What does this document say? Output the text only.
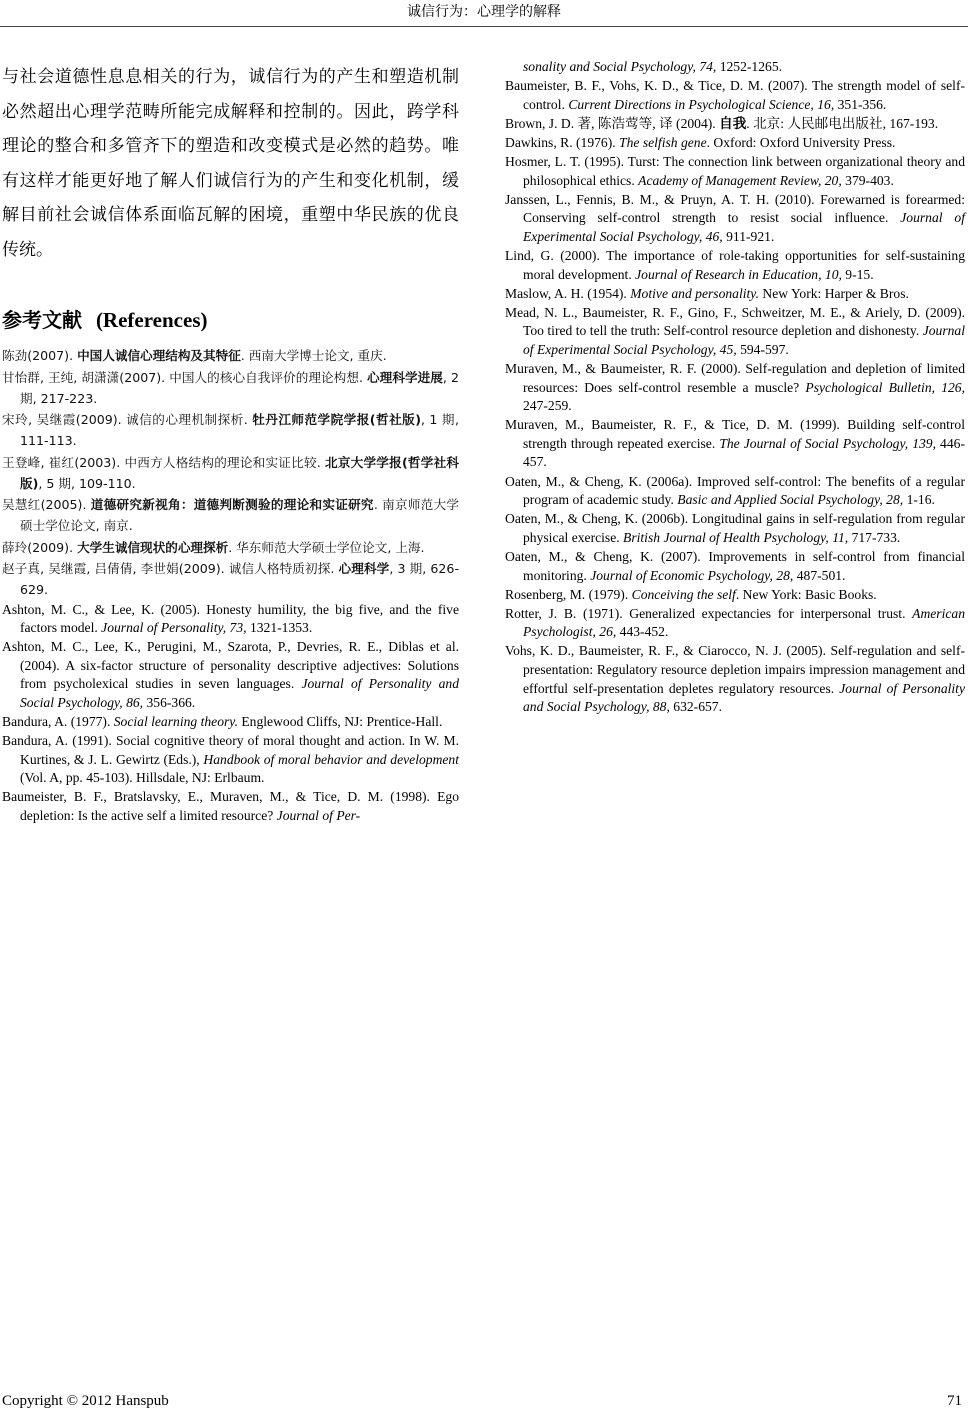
诚信行为：心理学的解释

与社会道德性息息相关的行为，诚信行为的产生和塑造机制必然超出心理学范畴所能完成解释和控制的。因此，跨学科理论的整合和多管齐下的塑造和改变模式是必然的趋势。唯有这样才能更好地了解人们诚信行为的产生和变化机制，缓解目前社会诚信体系面临瓦解的困境，重塑中华民族的优良传统。

参考文献 (References)

陈劲(2007). 中国人诚信心理结构及其特征. 西南大学博士论文, 重庆.

甘怡群, 王纯, 胡潇潇(2007). 中国人的核心自我评价的理论构想. 心理科学进展, 2 期, 217-223.

宋玲, 吴继霞(2009). 诚信的心理机制探析. 牡丹江师范学院学报(哲社版), 1 期, 111-113.

王登峰, 崔红(2003). 中西方人格结构的理论和实证比较. 北京大学学报(哲学社科版), 5 期, 109-110.

吴慧红(2005). 道德研究新视角：道德判断测验的理论和实证研究. 南京师范大学硕士学位论文, 南京.

薛玲(2009). 大学生诚信现状的心理探析. 华东师范大学硕士学位论文, 上海.

赵子真, 吴继霞, 吕倩倩, 李世娟(2009). 诚信人格特质初探. 心理科学, 3 期, 626-629.

Ashton, M. C., & Lee, K. (2005). Honesty humility, the big five, and the five factors model. Journal of Personality, 73, 1321-1353.

Ashton, M. C., Lee, K., Perugini, M., Szarota, P., Devries, R. E., Diblas et al. (2004). A six-factor structure of personality descriptive adjectives: Solutions from psycholexical studies in seven languages. Journal of Personality and Social Psychology, 86, 356-366.

Bandura, A. (1977). Social learning theory. Englewood Cliffs, NJ: Prentice-Hall.

Bandura, A. (1991). Social cognitive theory of moral thought and action. In W. M. Kurtines, & J. L. Gewirtz (Eds.), Handbook of moral behavior and development (Vol. A, pp. 45-103). Hillsdale, NJ: Erlbaum.

Baumeister, B. F., Bratslavsky, E., Muraven, M., & Tice, D. M. (1998). Ego depletion: Is the active self a limited resource? Journal of Per-

sonality and Social Psychology, 74, 1252-1265.

Baumeister, B. F., Vohs, K. D., & Tice, D. M. (2007). The strength model of self-control. Current Directions in Psychological Science, 16, 351-356.

Brown, J. D. 著, 陈浩莺等, 译 (2004). 自我. 北京: 人民邮电出版社, 167-193.

Dawkins, R. (1976). The selfish gene. Oxford: Oxford University Press.

Hosmer, L. T. (1995). Turst: The connection link between organizational theory and philosophical ethics. Academy of Management Review, 20, 379-403.

Janssen, L., Fennis, B. M., & Pruyn, A. T. H. (2010). Forewarned is forearmed: Conserving self-control strength to resist social influence. Journal of Experimental Social Psychology, 46, 911-921.

Lind, G. (2000). The importance of role-taking opportunities for self-sustaining moral development. Journal of Research in Education, 10, 9-15.

Maslow, A. H. (1954). Motive and personality. New York: Harper & Bros.

Mead, N. L., Baumeister, R. F., Gino, F., Schweitzer, M. E., & Ariely, D. (2009). Too tired to tell the truth: Self-control resource depletion and dishonesty. Journal of Experimental Social Psychology, 45, 594-597.

Muraven, M., & Baumeister, R. F. (2000). Self-regulation and depletion of limited resources: Does self-control resemble a muscle? Psychological Bulletin, 126, 247-259.

Muraven, M., Baumeister, R. F., & Tice, D. M. (1999). Building self-control strength through repeated exercise. The Journal of Social Psychology, 139, 446-457.

Oaten, M., & Cheng, K. (2006a). Improved self-control: The benefits of a regular program of academic study. Basic and Applied Social Psychology, 28, 1-16.

Oaten, M., & Cheng, K. (2006b). Longitudinal gains in self-regulation from regular physical exercise. British Journal of Health Psychology, 11, 717-733.

Oaten, M., & Cheng, K. (2007). Improvements in self-control from financial monitoring. Journal of Economic Psychology, 28, 487-501.

Rosenberg, M. (1979). Conceiving the self. New York: Basic Books.

Rotter, J. B. (1971). Generalized expectancies for interpersonal trust. American Psychologist, 26, 443-452.

Vohs, K. D., Baumeister, R. F., & Ciarocco, N. J. (2005). Self-regulation and self-presentation: Regulatory resource depletion impairs impression management and effortful self-presentation depletes regulatory resources. Journal of Personality and Social Psychology, 88, 632-657.

Copyright © 2012 Hanspub	71
